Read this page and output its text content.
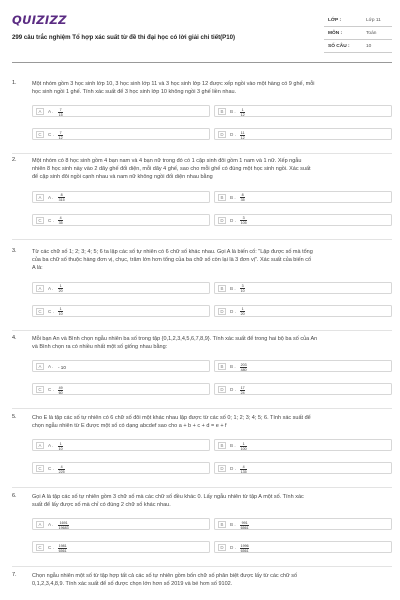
QUIZIZZ
299 câu trắc nghiệm Tổ hợp xác suất từ đề thi đại học có lời giải chi tiết(P10)
LỚP :	Lớp 11
MÔN :	Toán
SỐ CÂU :	10
1.	Một nhóm gồm 3 học sinh lớp 10, 3 học sinh lớp 11 và 3 học sinh lớp 12 được xếp ngồi vào một hàng có 9 ghế, mỗi
học sinh ngồi 1 ghế. Tính xác suất để 3 học sinh lớp 10 không ngồi 3 ghế liền nhau.
A	A . $\frac{7}{15}$	B	B . $\frac{1}{12}$
C	C . $\frac{7}{12}$	D	D . $\frac{11}{12}$
2.	Một nhóm có 8 học sinh gồm 4 bạn nam và 4 bạn nữ trong đó có 1 cặp sinh đôi gồm 1 nam và 1 nữ. Xếp ngẫu
nhiên 8 học sinh này vào 2 dãy ghế đối diện, mỗi dãy 4 ghế, sao cho mỗi ghế có đúng một học sinh ngồi. Xác suất
để cặp sinh đôi ngồi cạnh nhau và nam nữ không ngồi đối diện nhau bằng
A	A . $\frac{8}{315}$	B	B . $\frac{8}{35}$
C	C . $\frac{4}{35}$	D	D . $\frac{3}{105}$
3.	Từ các chữ số 1; 2; 3; 4; 5; 6 ta lập các số tự nhiên có 6 chữ số khác nhau. Gọi A là biến cố: "Lập được số mà tổng
của ba chữ số thuộc hàng đơn vị, chục, trăm lớn hơn tổng của ba chữ số còn lại là 3 đơn vị". Xác suất của biến cố
A là:
A	A . $\frac{1}{20}$	B	B . $\frac{3}{10}$
C	C . $\frac{1}{10}$	D	D . $\frac{1}{20}$
4.	Mỗi bạn An và Bình chọn ngẫu nhiên ba số trong tập {0,1,2,3,4,5,6,7,8,9}. Tính xác suất để trong hai bộ ba số của An
và Bình chọn ra có nhiều nhất một số giống nhau bằng:
A	A . - 10	B	B . $\frac{203}{480}$
C	C . $\frac{49}{60}$	D	D . $\frac{17}{24}$
5.	Cho E là tập các số tự nhiên có 6 chữ số đôi một khác nhau lập được từ các số 0; 1; 2; 3; 4; 5; 6. Tính xác suất để
chọn ngẫu nhiên từ E được một số có dạng abcdef sao cho a + b + c + d = e + f
A	A . $\frac{1}{10}$	B	B . $\frac{1}{100}$
C	C . $\frac{4}{225}$	D	D . $\frac{4}{135}$
6.	Gọi A là tập các số tự nhiên gồm 3 chữ số mà các chữ số đều khác 0. Lấy ngẫu nhiên từ tập A một số. Tính xác
suất để lấy được số mà chỉ có đúng 2 chữ số khác nhau.
A	A . $\frac{1691}{19683}$	B	B . $\frac{991}{6561}$
C	C . $\frac{1981}{6561}$	D	D . $\frac{1996}{6561}$
7.	Chọn ngẫu nhiên một số từ tập hợp tất cả các số tự nhiên gồm bốn chữ số phân biệt được lấy từ các chữ số
0,1,2,3,4,8,9. Tính xác suất để số được chọn lớn hơn số 2019 và bé hơn số 9102.
